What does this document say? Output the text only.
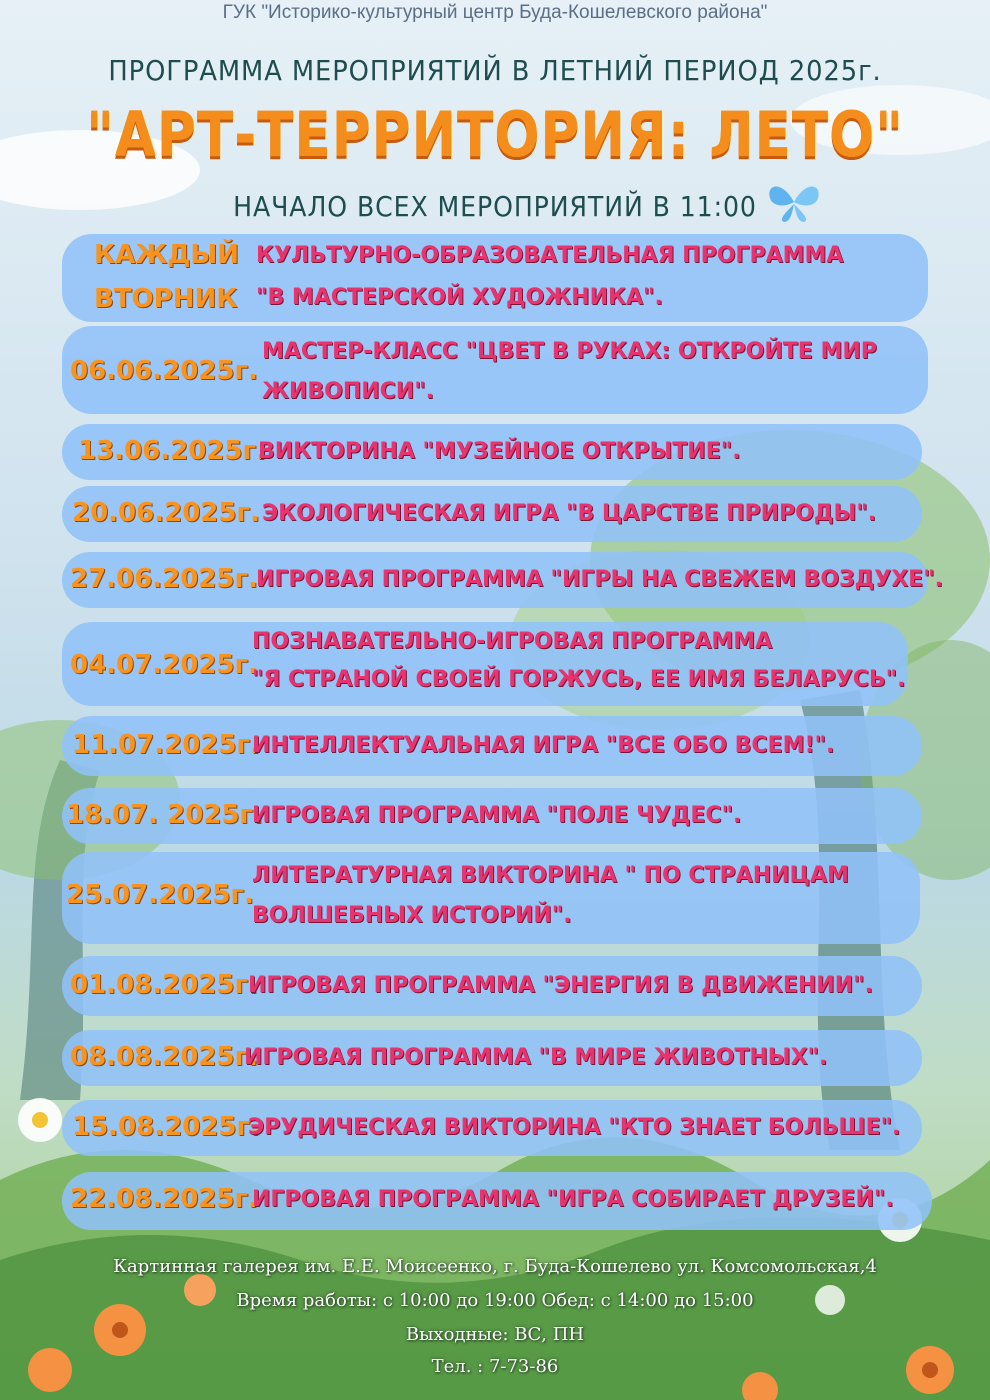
ГУК "Историко-культурный центр Буда-Кошелевского района"
ПРОГРАММА МЕРОПРИЯТИЙ В ЛЕТНИЙ ПЕРИОД 2025г.
"АРТ-ТЕРРИТОРИЯ: ЛЕТО"
НАЧАЛО ВСЕХ МЕРОПРИЯТИЙ В 11:00
КАЖДЫЙ
ВТОРНИК
КУЛЬТУРНО-ОБРАЗОВАТЕЛЬНАЯ ПРОГРАММА
"В МАСТЕРСКОЙ ХУДОЖНИКА".
06.06.2025г.
МАСТЕР-КЛАСС "ЦВЕТ В РУКАХ: ОТКРОЙТЕ МИР
ЖИВОПИСИ".
13.06.2025г.
ВИКТОРИНА "МУЗЕЙНОЕ ОТКРЫТИЕ".
20.06.2025г. ЭКОЛОГИЧЕСКАЯ ИГРА "В ЦАРСТВЕ ПРИРОДЫ".
27.06.2025г.
ИГРОВАЯ ПРОГРАММА "ИГРЫ НА СВЕЖЕМ ВОЗДУХЕ".
04.07.2025г.
ПОЗНАВАТЕЛЬНО-ИГРОВАЯ ПРОГРАММА
"Я СТРАНОЙ СВОЕЙ ГОРЖУСЬ, ЕЕ ИМЯ БЕЛАРУСЬ".
11.07.2025г.
ИНТЕЛЛЕКТУАЛЬНАЯ ИГРА "ВСЕ ОБО ВСЕМ!".
18.07. 2025г.
ИГРОВАЯ ПРОГРАММА "ПОЛЕ ЧУДЕС".
25.07.2025г.
ЛИТЕРАТУРНАЯ ВИКТОРИНА " ПО СТРАНИЦАМ
ВОЛШЕБНЫХ ИСТОРИЙ".
01.08.2025г.
ИГРОВАЯ ПРОГРАММА "ЭНЕРГИЯ В ДВИЖЕНИИ".
08.08.2025г.
ИГРОВАЯ ПРОГРАММА "В МИРЕ ЖИВОТНЫХ".
15.08.2025г.
ЭРУДИЧЕСКАЯ ВИКТОРИНА "КТО ЗНАЕТ БОЛЬШЕ".
22.08.2025г.
ИГРОВАЯ ПРОГРАММА "ИГРА СОБИРАЕТ ДРУЗЕЙ".
Картинная галерея им. Е.Е. Моисеенко, г. Буда-Кошелево ул. Комсомольская,4
Время работы: с 10:00 до 19:00 Обед: с 14:00 до 15:00
Выходные: ВС, ПН
Тел. : 7-73-86
